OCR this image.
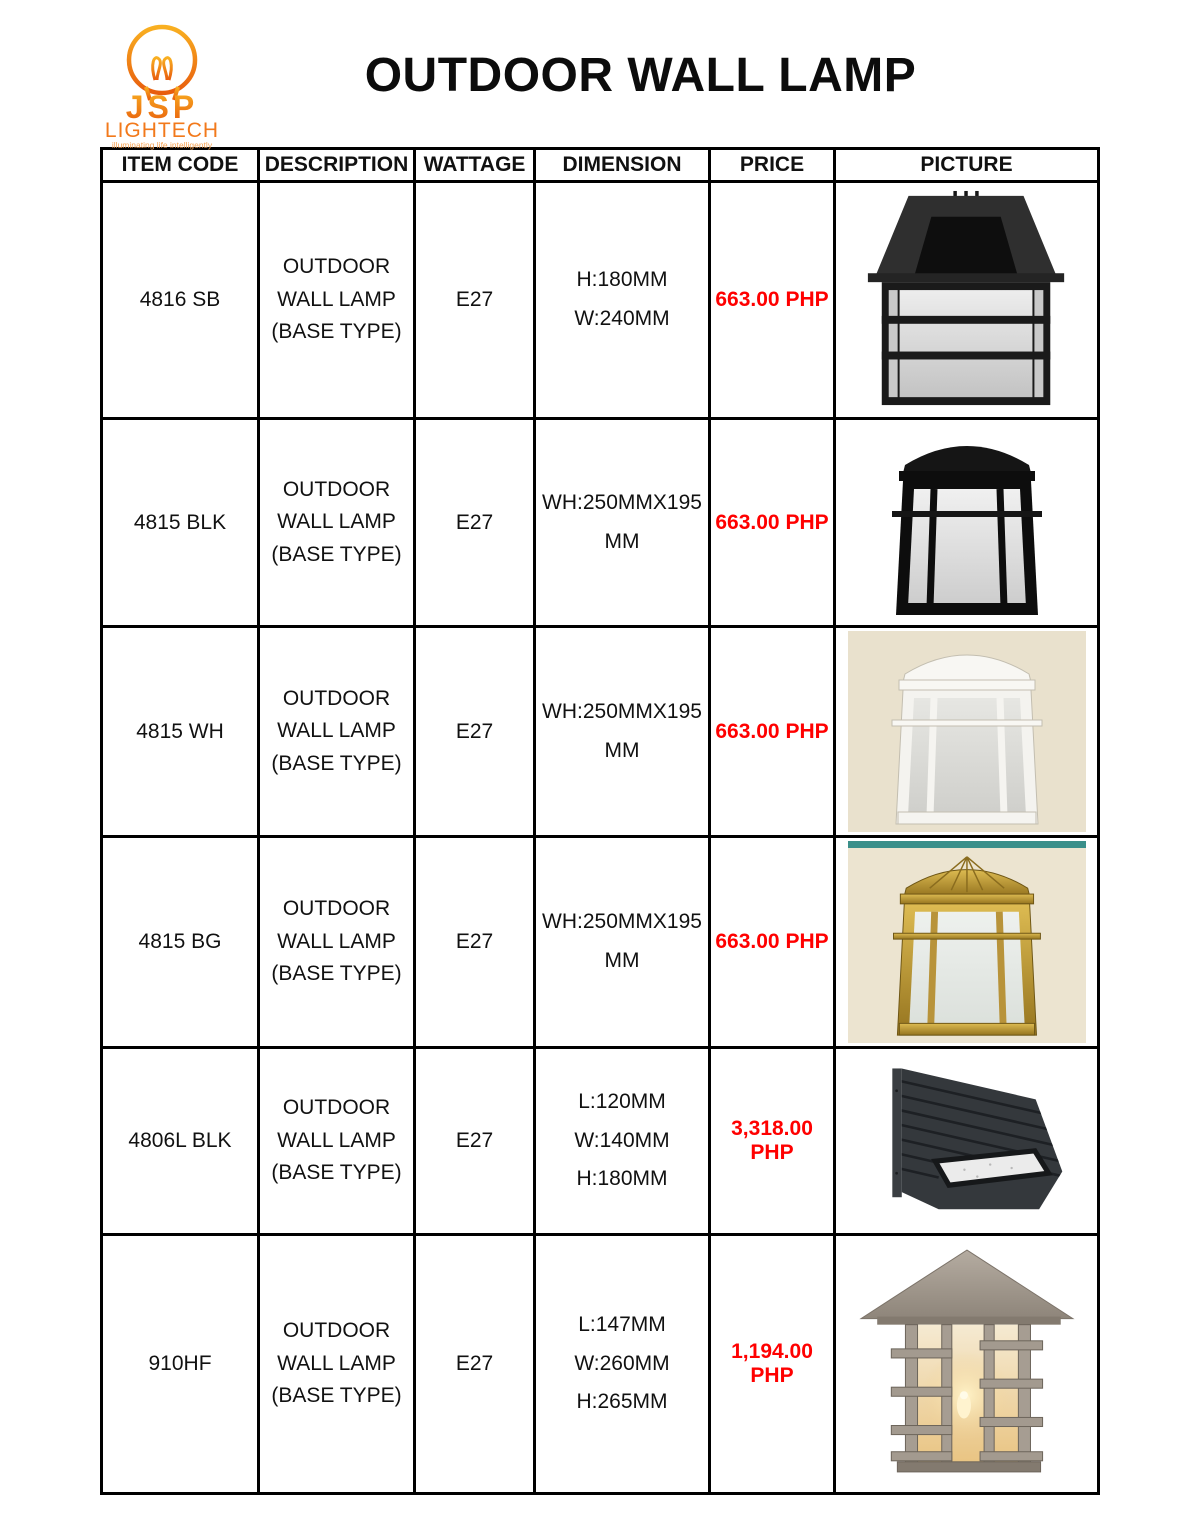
JSP
LIGHTECH
illuminating life intelligently
OUTDOOR WALL LAMP
ITEM CODE	DESCRIPTION	WATTAGE	DIMENSION	PRICE	PICTURE
4816 SB	OUTDOOR WALL LAMP (BASE TYPE)	E27	H:180MM
W:240MM	663.00 PHP	

4815 BLK	OUTDOOR WALL LAMP (BASE TYPE)	E27	WH:250MMX195
MM	663.00 PHP	

4815 WH	OUTDOOR WALL LAMP (BASE TYPE)	E27	WH:250MMX195
MM	663.00 PHP	

4815 BG	OUTDOOR WALL LAMP (BASE TYPE)	E27	WH:250MMX195
MM	663.00 PHP	

4806L BLK	OUTDOOR WALL LAMP (BASE TYPE)	E27	L:120MM
W:140MM
H:180MM	3,318.00 PHP	

910HF	OUTDOOR WALL LAMP (BASE TYPE)	E27	L:147MM
W:260MM
H:265MM	1,194.00 PHP	
